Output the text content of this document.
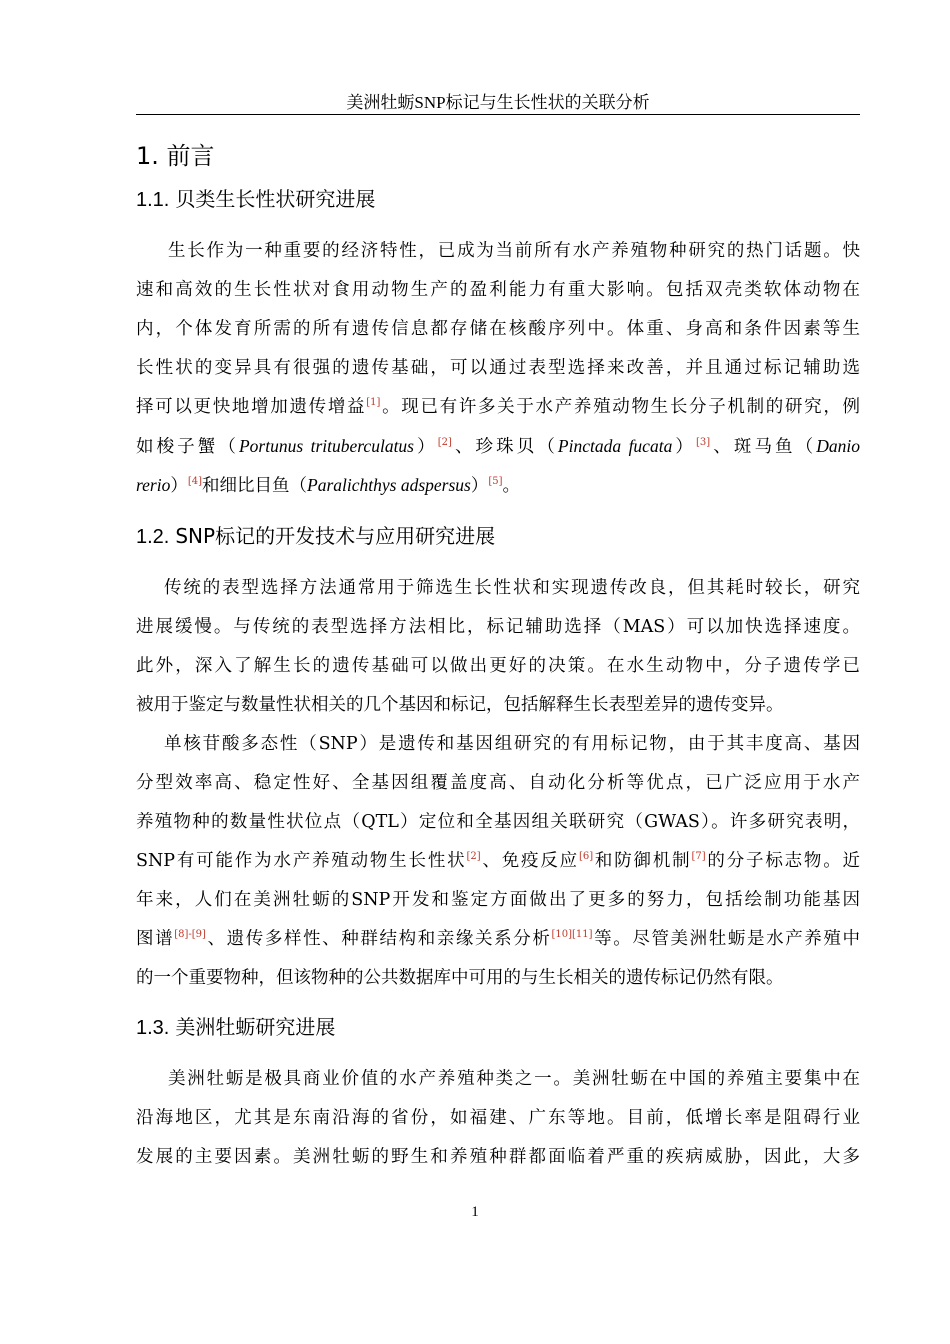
美洲牡蛎SNP标记与生长性状的关联分析
1. 前言
1.1. 贝类生长性状研究进展
生长作为一种重要的经济特性，已成为当前所有水产养殖物种研究的热门话题。快
速和高效的生长性状对食用动物生产的盈利能力有重大影响。包括双壳类软体动物在
内，个体发育所需的所有遗传信息都存储在核酸序列中。体重、身高和条件因素等生
长性状的变异具有很强的遗传基础，可以通过表型选择来改善，并且通过标记辅助选
择可以更快地增加遗传增益[1]。现已有许多关于水产养殖动物生长分子机制的研究，例
如梭子蟹（Portunus trituberculatus）[2]、珍珠贝（Pinctada fucata）[3]、斑马鱼（Danio
rerio）[4]和细比目鱼（Paralichthys adspersus）[5]。
1.2. SNP标记的开发技术与应用研究进展
传统的表型选择方法通常用于筛选生长性状和实现遗传改良，但其耗时较长，研究
进展缓慢。与传统的表型选择方法相比，标记辅助选择（MAS）可以加快选择速度。
此外，深入了解生长的遗传基础可以做出更好的决策。在水生动物中，分子遗传学已
被用于鉴定与数量性状相关的几个基因和标记，包括解释生长表型差异的遗传变异。
单核苷酸多态性（SNP）是遗传和基因组研究的有用标记物，由于其丰度高、基因
分型效率高、稳定性好、全基因组覆盖度高、自动化分析等优点，已广泛应用于水产
养殖物种的数量性状位点（QTL）定位和全基因组关联研究（GWAS）。许多研究表明，
SNP有可能作为水产养殖动物生长性状[2]、免疫反应[6]和防御机制[7]的分子标志物。近
年来，人们在美洲牡蛎的SNP开发和鉴定方面做出了更多的努力，包括绘制功能基因
图谱[8]-[9]、遗传多样性、种群结构和亲缘关系分析[10][11]等。尽管美洲牡蛎是水产养殖中
的一个重要物种，但该物种的公共数据库中可用的与生长相关的遗传标记仍然有限。
1.3. 美洲牡蛎研究进展
美洲牡蛎是极具商业价值的水产养殖种类之一。美洲牡蛎在中国的养殖主要集中在
沿海地区，尤其是东南沿海的省份，如福建、广东等地。目前，低增长率是阻碍行业
发展的主要因素。美洲牡蛎的野生和养殖种群都面临着严重的疾病威胁，因此，大多
1
